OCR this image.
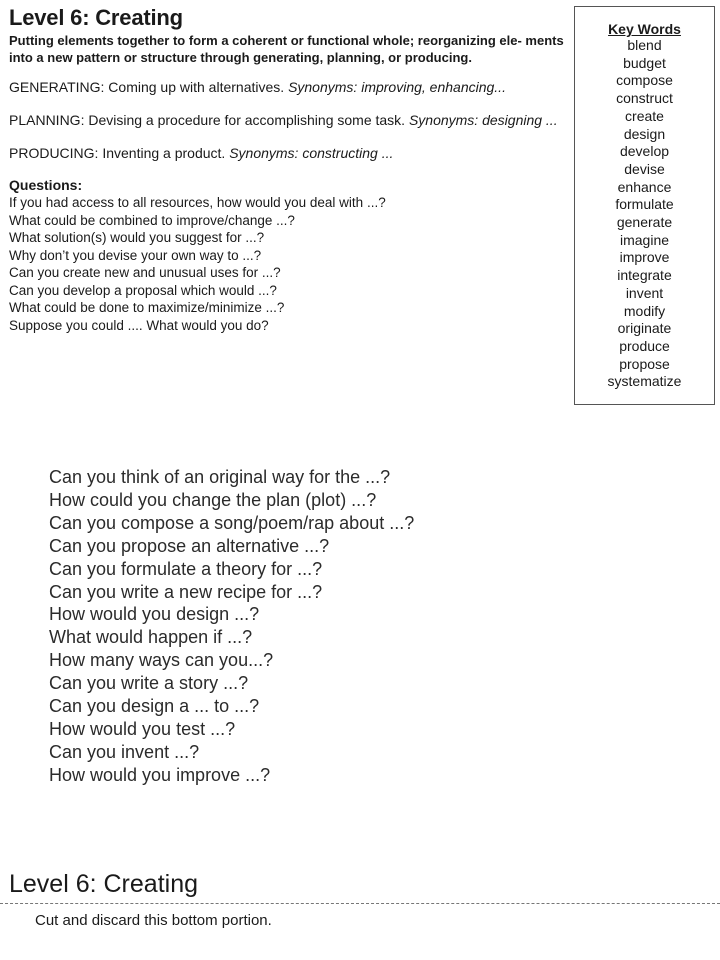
Level 6: Creating

Putting elements together to form a coherent or functional whole; reorganizing ele- ments into a new pattern or structure through generating, planning, or producing.

GENERATING: Coming up with alternatives. Synonyms: improving, enhancing...

PLANNING: Devising a procedure for accomplishing some task. Synonyms: designing ...

PRODUCING: Inventing a product. Synonyms: constructing ...

Questions:

If you had access to all resources, how would you deal with ...?
What could be combined to improve/change ...?
What solution(s) would you suggest for ...?
Why don’t you devise your own way to ...?
Can you create new and unusual uses for ...?
Can you develop a proposal which would ...?
What could be done to maximize/minimize ...?
Suppose you could .... What would you do?

Key Words

blend
budget
compose
construct
create
design
develop
devise
enhance
formulate
generate
imagine
improve
integrate
invent
modify
originate
produce
propose
systematize
Can you think of an original way for the ...?
How could you change the plan (plot) ...?
Can you compose a song/poem/rap about ...?
Can you propose an alternative ...?
Can you formulate a theory for ...?
Can you write a new recipe for ...?
How would you design ...?
What would happen if ...?
How many ways can you...?
Can you write a story ...?
Can you design a ... to ...?
How would you test ...?
Can you invent ...?
How would you improve ...?
Level 6: Creating

Cut and discard this bottom portion.
